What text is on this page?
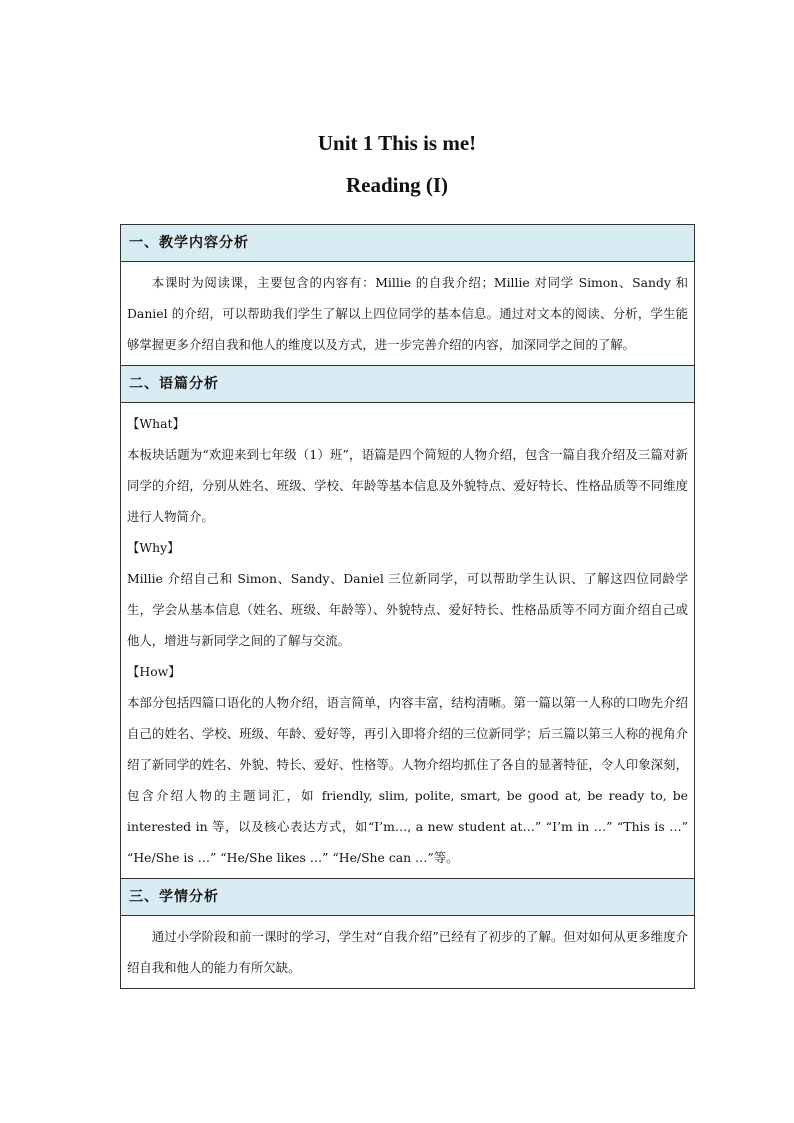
Unit 1 This is me!
Reading (I)
一、教学内容分析
本课时为阅读课，主要包含的内容有：Millie 的自我介绍；Millie 对同学 Simon、Sandy 和 Daniel 的介绍，可以帮助我们学生了解以上四位同学的基本信息。通过对文本的阅读、分析，学生能够掌握更多介绍自我和他人的维度以及方式，进一步完善介绍的内容，加深同学之间的了解。
二、语篇分析

【What】

本板块话题为“欢迎来到七年级（1）班”，语篇是四个简短的人物介绍，包含一篇自我介绍及三篇对新同学的介绍，分别从姓名、班级、学校、年龄等基本信息及外貌特点、爱好特长、性格品质等不同维度进行人物简介。

【Why】

Millie 介绍自己和 Simon、Sandy、Daniel 三位新同学，可以帮助学生认识、了解这四位同龄学生，学会从基本信息（姓名、班级、年龄等）、外貌特点、爱好特长、性格品质等不同方面介绍自己或他人，增进与新同学之间的了解与交流。

【How】

本部分包括四篇口语化的人物介绍，语言简单，内容丰富，结构清晰。第一篇以第一人称的口吻先介绍自己的姓名、学校、班级、年龄、爱好等，再引入即将介绍的三位新同学；后三篇以第三人称的视角介绍了新同学的姓名、外貌、特长、爱好、性格等。人物介绍均抓住了各自的显著特征，令人印象深刻，包含介绍人物的主题词汇，如 friendly, slim, polite, smart, be good at, be ready to, be interested in 等，以及核心表达方式，如“I’m…, a new student at…” “I’m in …” “This is …” “He/She is …” “He/She likes …” “He/She can …”等。

三、学情分析
通过小学阶段和前一课时的学习，学生对“自我介绍”已经有了初步的了解。但对如何从更多维度介绍自我和他人的能力有所欠缺。
